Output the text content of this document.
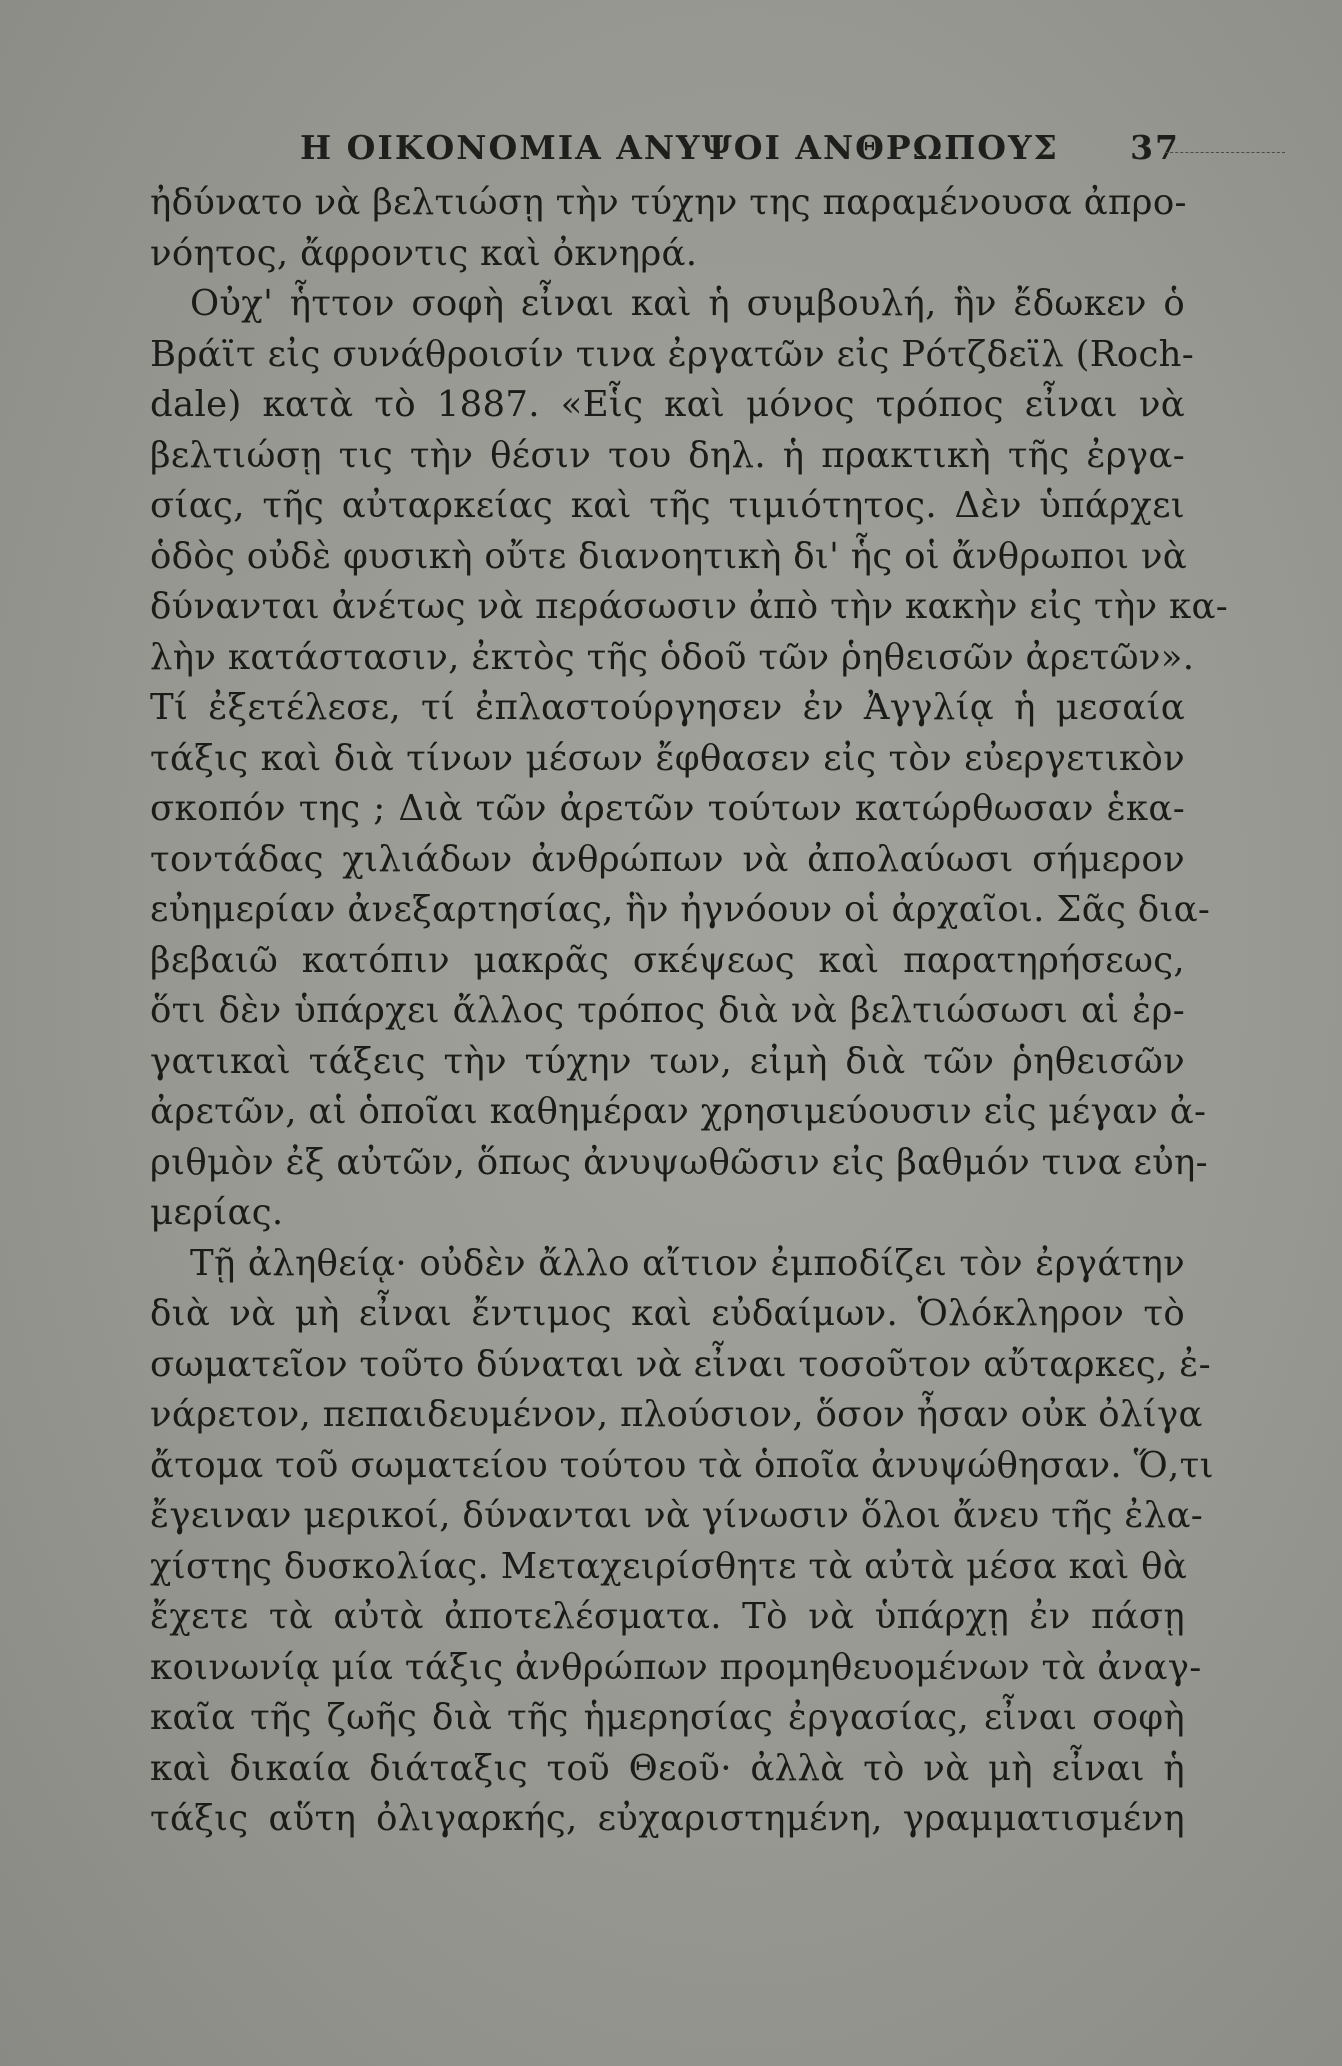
Η ΟΙΚΟΝΟΜΙΑ ΑΝΥΨΟΙ ΑΝΘΡΩΠΟΥΣ 37
ἠδύνατο νὰ βελτιώσῃ τὴν τύχην της παραμένουσα ἀπρο-
νόητος, ἄφροντις καὶ ὀκνηρά.
Οὐχ' ἧττον σοφὴ εἶναι καὶ ἡ συμβουλή, ἣν ἔδωκεν ὁ
Βράϊτ εἰς συνάθροισίν τινα ἐργατῶν εἰς Ρότζδεϊλ (Roch-
dale) κατὰ τὸ 1887. «Εἷς καὶ μόνος τρόπος εἶναι νὰ
βελτιώσῃ τις τὴν θέσιν του δηλ. ἡ πρακτικὴ τῆς ἐργα-
σίας, τῆς αὐταρκείας καὶ τῆς τιμιότητος. Δὲν ὑπάρχει
ὁδὸς οὐδὲ φυσικὴ οὔτε διανοητικὴ δι' ἧς οἱ ἄνθρωποι νὰ
δύνανται ἀνέτως νὰ περάσωσιν ἀπὸ τὴν κακὴν εἰς τὴν κα-
λὴν κατάστασιν, ἐκτὸς τῆς ὁδοῦ τῶν ῥηθεισῶν ἀρετῶν».
Τί ἐξετέλεσε, τί ἐπλαστούργησεν ἐν Ἀγγλίᾳ ἡ μεσαία
τάξις καὶ διὰ τίνων μέσων ἔφθασεν εἰς τὸν εὐεργετικὸν
σκοπόν της ; Διὰ τῶν ἀρετῶν τούτων κατώρθωσαν ἑκα-
τοντάδας χιλιάδων ἀνθρώπων νὰ ἀπολαύωσι σήμερον
εὐημερίαν ἀνεξαρτησίας, ἣν ἠγνόουν οἱ ἀρχαῖοι. Σᾶς δια-
βεβαιῶ κατόπιν μακρᾶς σκέψεως καὶ παρατηρήσεως,
ὅτι δὲν ὑπάρχει ἄλλος τρόπος διὰ νὰ βελτιώσωσι αἱ ἐρ-
γατικαὶ τάξεις τὴν τύχην των, εἰμὴ διὰ τῶν ῥηθεισῶν
ἀρετῶν, αἱ ὁποῖαι καθημέραν χρησιμεύουσιν εἰς μέγαν ἀ-
ριθμὸν ἐξ αὐτῶν, ὅπως ἀνυψωθῶσιν εἰς βαθμόν τινα εὐη-
μερίας.
Τῇ ἀληθείᾳ· οὐδὲν ἄλλο αἴτιον ἐμποδίζει τὸν ἐργάτην
διὰ νὰ μὴ εἶναι ἔντιμος καὶ εὐδαίμων. Ὁλόκληρον τὸ
σωματεῖον τοῦτο δύναται νὰ εἶναι τοσοῦτον αὔταρκες, ἐ-
νάρετον, πεπαιδευμένον, πλούσιον, ὅσον ἦσαν οὐκ ὀλίγα
ἄτομα τοῦ σωματείου τούτου τὰ ὁποῖα ἀνυψώθησαν. Ὅ,τι
ἔγειναν μερικοί, δύνανται νὰ γίνωσιν ὅλοι ἄνευ τῆς ἐλα-
χίστης δυσκολίας. Μεταχειρίσθητε τὰ αὐτὰ μέσα καὶ θὰ
ἔχετε τὰ αὐτὰ ἀποτελέσματα. Τὸ νὰ ὑπάρχῃ ἐν πάσῃ
κοινωνίᾳ μία τάξις ἀνθρώπων προμηθευομένων τὰ ἀναγ-
καῖα τῆς ζωῆς διὰ τῆς ἡμερησίας ἐργασίας, εἶναι σοφὴ
καὶ δικαία διάταξις τοῦ Θεοῦ· ἀλλὰ τὸ νὰ μὴ εἶναι ἡ
τάξις αὕτη ὀλιγαρκής, εὐχαριστημένη, γραμματισμένη
